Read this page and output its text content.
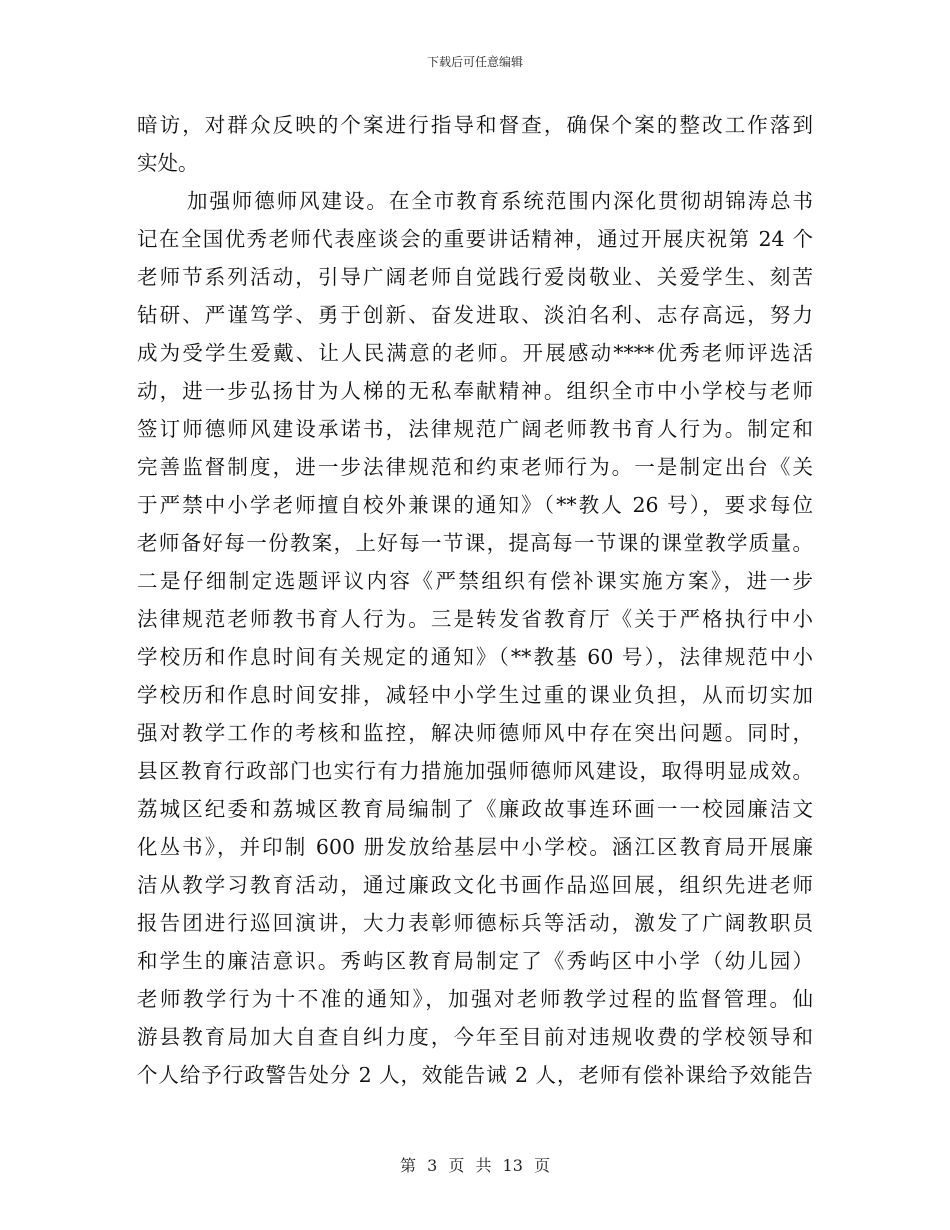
下载后可任意编辑
暗访，对群众反映的个案进行指导和督查，确保个案的整改工作落到
实处。
加强师德师风建设。在全市教育系统范围内深化贯彻胡锦涛总书
记在全国优秀老师代表座谈会的重要讲话精神，通过开展庆祝第 24 个
老师节系列活动，引导广阔老师自觉践行爱岗敬业、关爱学生、刻苦
钻研、严谨笃学、勇于创新、奋发进取、淡泊名利、志存高远，努力
成为受学生爱戴、让人民满意的老师。开展感动****优秀老师评选活
动，进一步弘扬甘为人梯的无私奉献精神。组织全市中小学校与老师
签订师德师风建设承诺书，法律规范广阔老师教书育人行为。制定和
完善监督制度，进一步法律规范和约束老师行为。一是制定出台《关
于严禁中小学老师擅自校外兼课的通知》（**教人 26 号），要求每位
老师备好每一份教案，上好每一节课，提高每一节课的课堂教学质量。
二是仔细制定选题评议内容《严禁组织有偿补课实施方案》，进一步
法律规范老师教书育人行为。三是转发省教育厅《关于严格执行中小
学校历和作息时间有关规定的通知》（**教基 60 号），法律规范中小
学校历和作息时间安排，减轻中小学生过重的课业负担，从而切实加
强对教学工作的考核和监控，解决师德师风中存在突出问题。同时，
县区教育行政部门也实行有力措施加强师德师风建设，取得明显成效。
荔城区纪委和荔城区教育局编制了《廉政故事连环画一一校园廉洁文
化丛书》，并印制 600 册发放给基层中小学校。涵江区教育局开展廉
洁从教学习教育活动，通过廉政文化书画作品巡回展，组织先进老师
报告团进行巡回演讲，大力表彰师德标兵等活动，激发了广阔教职员
和学生的廉洁意识。秀屿区教育局制定了《秀屿区中小学（幼儿园）
老师教学行为十不准的通知》，加强对老师教学过程的监督管理。仙
游县教育局加大自查自纠力度，今年至目前对违规收费的学校领导和
个人给予行政警告处分 2 人，效能告诫 2 人，老师有偿补课给予效能告
第 3 页 共 13 页
